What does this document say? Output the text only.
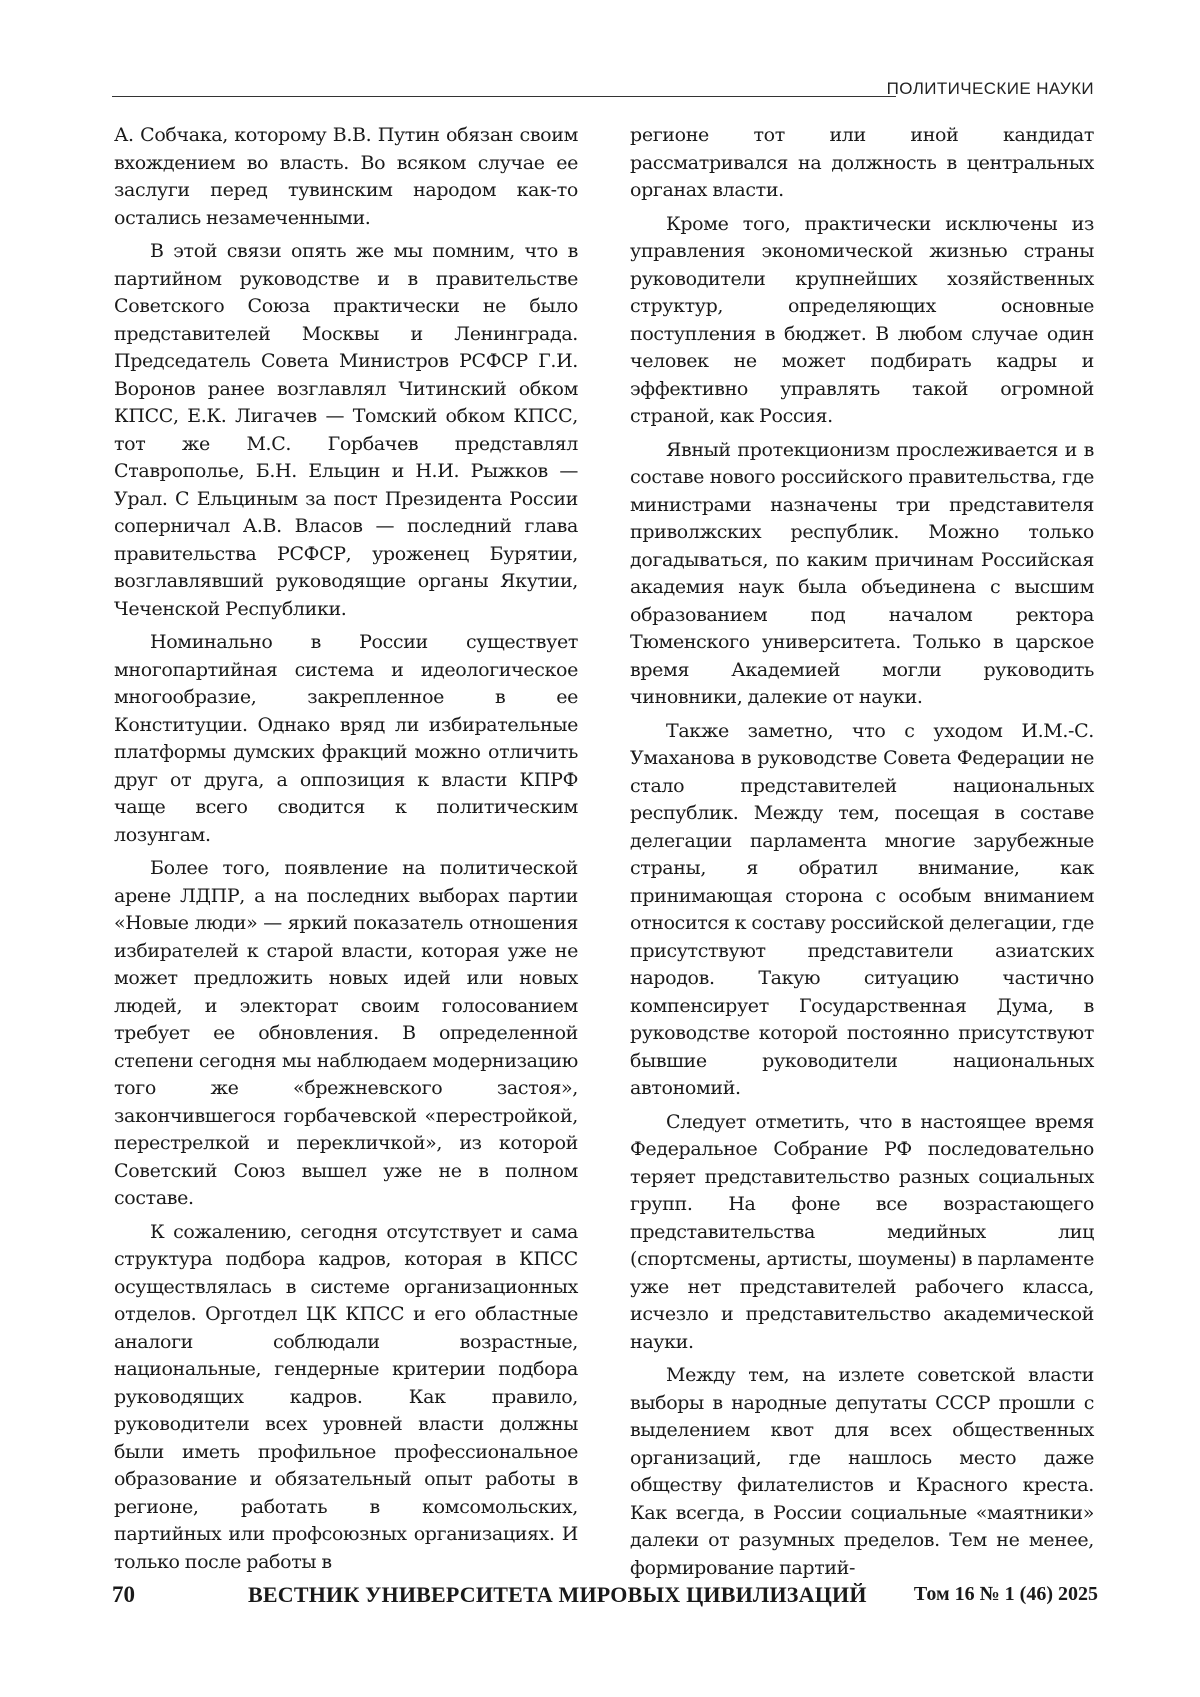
ПОЛИТИЧЕСКИЕ НАУКИ

А. Собчака, которому В.В. Путин обязан своим вхождением во власть. Во всяком случае ее заслуги перед тувинским народом как-то остались незамеченными.

В этой связи опять же мы помним, что в партийном руководстве и в правительстве Советского Союза практически не было представителей Москвы и Ленинграда. Председатель Совета Министров РСФСР Г.И. Воронов ранее возглавлял Читинский обком КПСС, Е.К. Лигачев — Томский обком КПСС, тот же М.С. Горбачев представлял Ставрополье, Б.Н. Ельцин и Н.И. Рыжков — Урал. С Ельциным за пост Президента России соперничал А.В. Власов — последний глава правительства РСФСР, уроженец Бурятии, возглавлявший руководящие органы Якутии, Чеченской Республики.

Номинально в России существует многопартийная система и идеологическое многообразие, закрепленное в ее Конституции. Однако вряд ли избирательные платформы думских фракций можно отличить друг от друга, а оппозиция к власти КПРФ чаще всего сводится к политическим лозунгам.

Более того, появление на политической арене ЛДПР, а на последних выборах партии «Новые люди» — яркий показатель отношения избирателей к старой власти, которая уже не может предложить новых идей или новых людей, и электорат своим голосованием требует ее обновления. В определенной степени сегодня мы наблюдаем модернизацию того же «брежневского застоя», закончившегося горбачевской «перестройкой, перестрелкой и перекличкой», из которой Советский Союз вышел уже не в полном составе.

К сожалению, сегодня отсутствует и сама структура подбора кадров, которая в КПСС осуществлялась в системе организационных отделов. Орготдел ЦК КПСС и его областные аналоги соблюдали возрастные, национальные, гендерные критерии подбора руководящих кадров. Как правило, руководители всех уровней власти должны были иметь профильное профессиональное образование и обязательный опыт работы в регионе, работать в комсомольских, партийных или профсоюзных организациях. И только после работы в

регионе тот или иной кандидат рассматривался на должность в центральных органах власти.

Кроме того, практически исключены из управления экономической жизнью страны руководители крупнейших хозяйственных структур, определяющих основные поступления в бюджет. В любом случае один человек не может подбирать кадры и эффективно управлять такой огромной страной, как Россия.

Явный протекционизм прослеживается и в составе нового российского правительства, где министрами назначены три представителя приволжских республик. Можно только догадываться, по каким причинам Российская академия наук была объединена с высшим образованием под началом ректора Тюменского университета. Только в царское время Академией могли руководить чиновники, далекие от науки.

Также заметно, что с уходом И.М.-С. Умаханова в руководстве Совета Федерации не стало представителей национальных республик. Между тем, посещая в составе делегации парламента многие зарубежные страны, я обратил внимание, как принимающая сторона с особым вниманием относится к составу российской делегации, где присутствуют представители азиатских народов. Такую ситуацию частично компенсирует Государственная Дума, в руководстве которой постоянно присутствуют бывшие руководители национальных автономий.

Следует отметить, что в настоящее время Федеральное Собрание РФ последовательно теряет представительство разных социальных групп. На фоне все возрастающего представительства медийных лиц (спортсмены, артисты, шоумены) в парламенте уже нет представителей рабочего класса, исчезло и представительство академической науки.

Между тем, на излете советской власти выборы в народные депутаты СССР прошли с выделением квот для всех общественных организаций, где нашлось место даже обществу филателистов и Красного креста. Как всегда, в России социальные «маятники» далеки от разумных пределов. Тем не менее, формирование партий-

70	ВЕСТНИК УНИВЕРСИТЕТА МИРОВЫХ ЦИВИЛИЗАЦИЙ Том 16 № 1 (46) 2025
